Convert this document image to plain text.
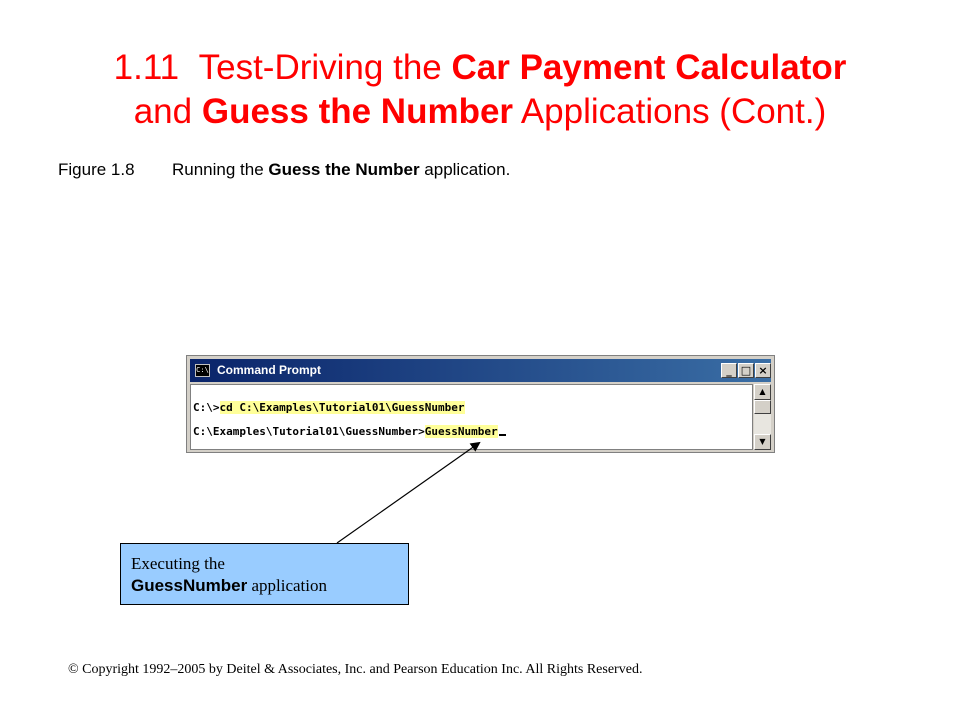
1.11 Test-Driving the Car Payment Calculator
and Guess the Number Applications (Cont.)
Figure 1.8 Running the Guess the Number application.
C:\ Command Prompt	_ □ ×
C:\>cd C:\Examples\Tutorial01\GuessNumber
C:\Examples\Tutorial01\GuessNumber>GuessNumber
▲
▼
Executing the
GuessNumber application
© Copyright 1992–2005 by Deitel & Associates, Inc. and Pearson Education Inc. All Rights Reserved.
